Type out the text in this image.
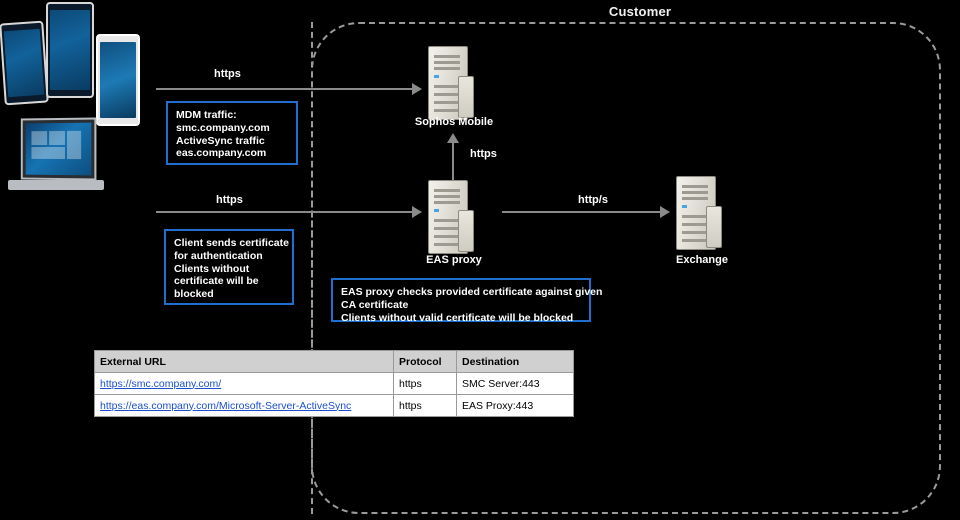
Customer
https
https
https
http/s
Sophos Mobile
EAS proxy	Exchange
MDM traffic:
smc.company.com
ActiveSync traffic
eas.company.com
Client sends certificate
for authentication
Clients without
certificate will be
blocked	EAS proxy checks provided certificate against given
CA certificate
Clients without valid certificate will be blocked
External URL	Protocol	Destination
https://smc.company.com/	https	SMC Server:443
https://eas.company.com/Microsoft-Server-ActiveSync	https	EAS Proxy:443
